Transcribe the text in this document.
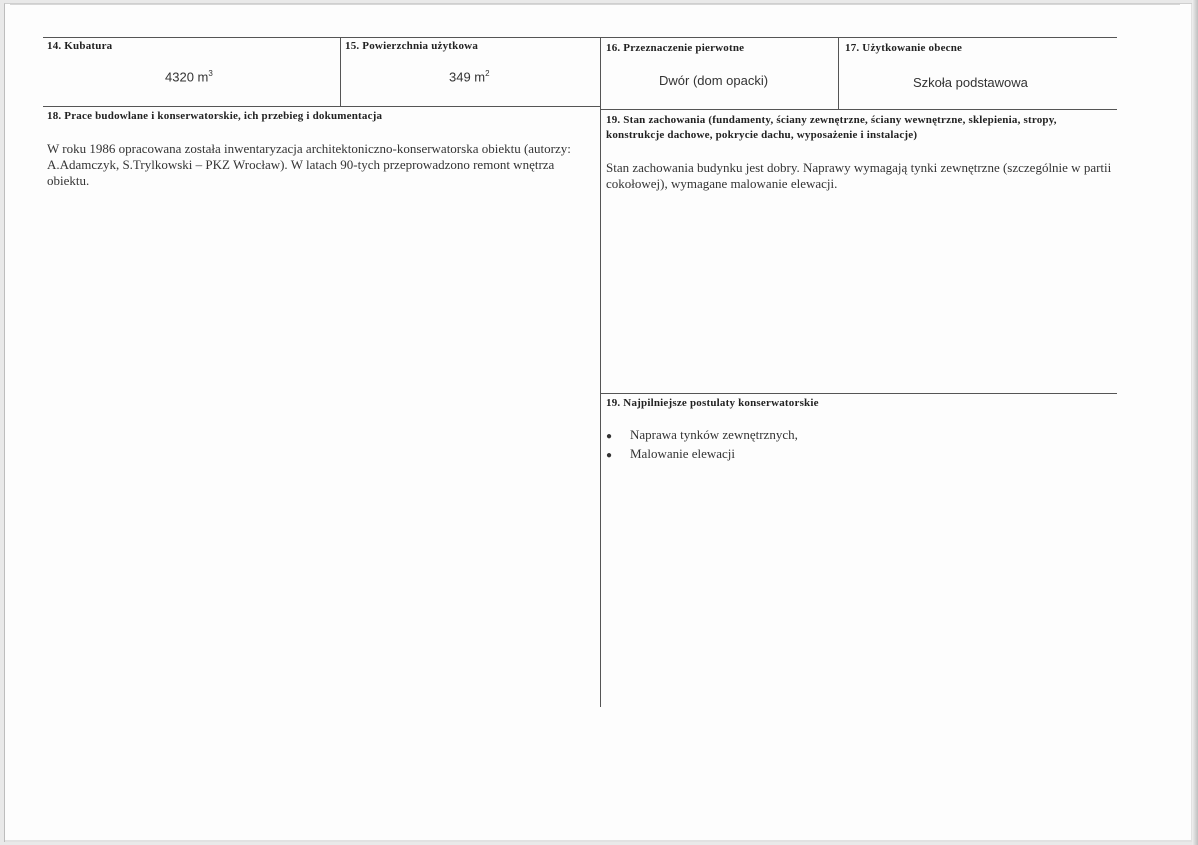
14. Kubatura
4320 $m^3$
15. Powierzchnia użytkowa
349 $m^2$
16. Przeznaczenie pierwotne
Dwór (dom opacki)
17. Użytkowanie obecne
Szkoła podstawowa
18. Prace budowlane i konserwatorskie, ich przebieg i dokumentacja
W roku 1986 opracowana została inwentaryzacja architektoniczno-konserwatorska obiektu (autorzy: A.Adamczyk, S.Trylkowski – PKZ Wrocław). W latach 90-tych przeprowadzono remont wnętrza obiektu.
19. Stan zachowania (fundamenty, ściany zewnętrzne, ściany wewnętrzne, sklepienia, stropy, konstrukcje dachowe, pokrycie dachu, wyposażenie i instalacje)
Stan zachowania budynku jest dobry. Naprawy wymagają tynki zewnętrzne (szczególnie w partii cokołowej), wymagane malowanie elewacji.
19. Najpilniejsze postulaty konserwatorskie
●	Naprawa tynków zewnętrznych,
●	Malowanie elewacji
